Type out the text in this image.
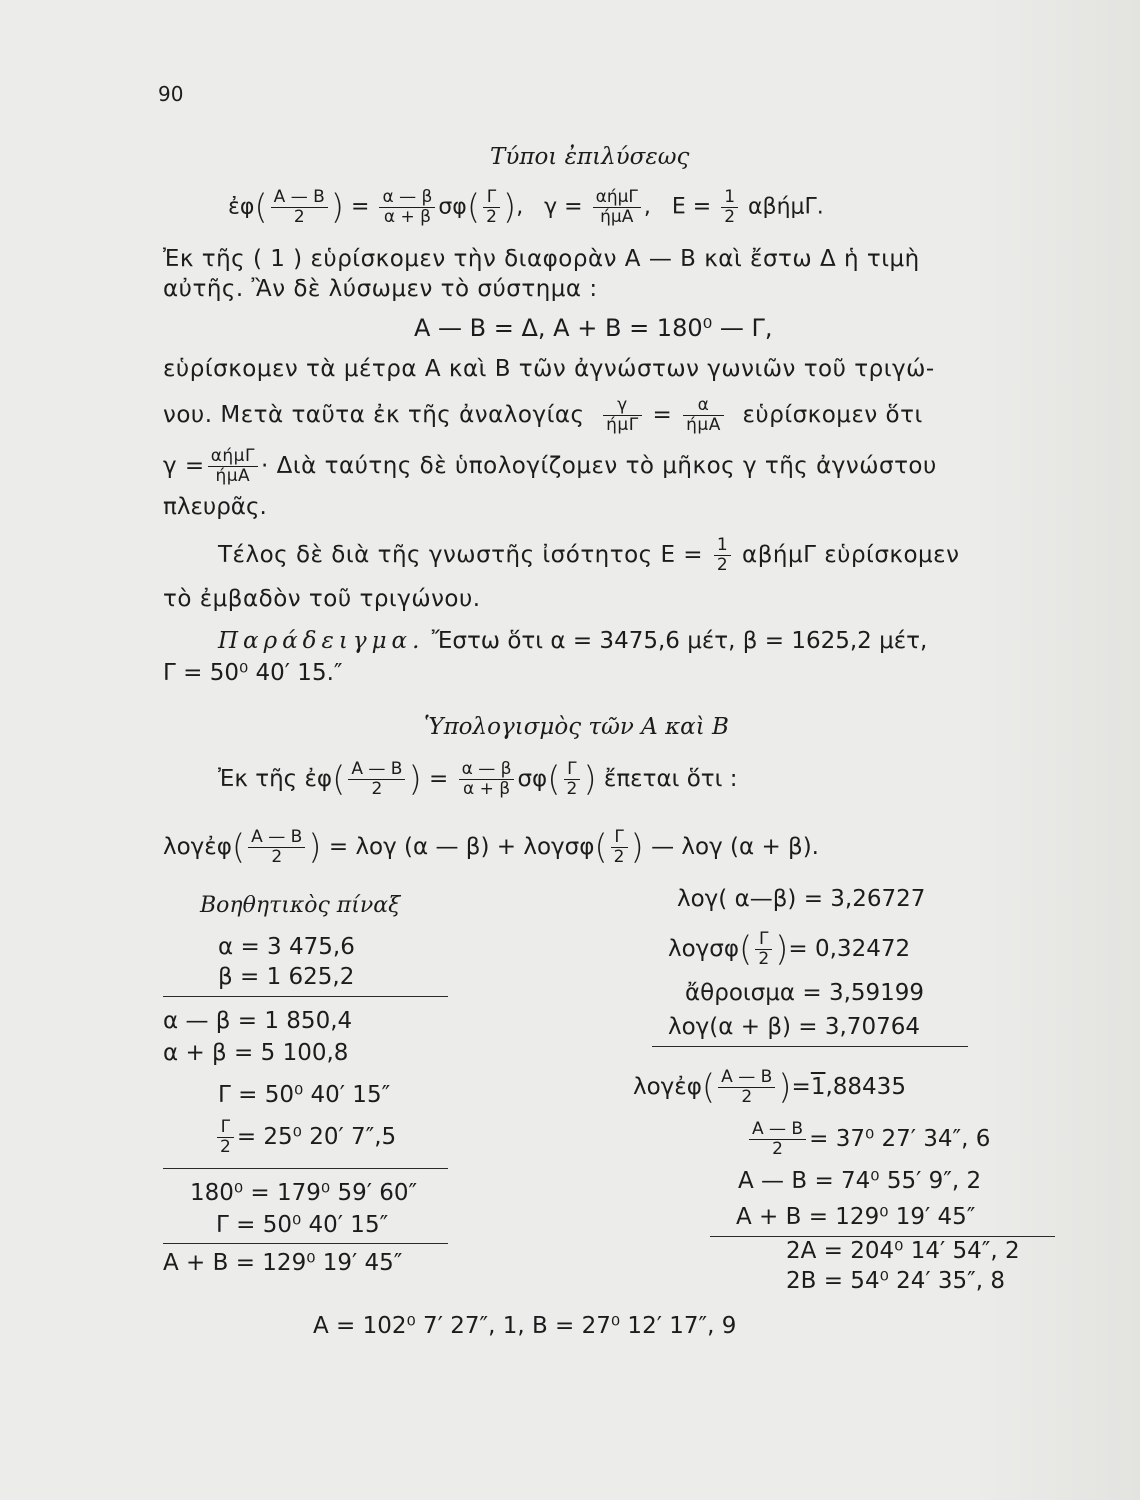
90
Τύποι ἐπιλύσεως
ἐφ( $\frac{A — B}{2}$ ) = $\frac{\alpha — \beta}{\alpha + \beta} \sigma\varphi( \frac{\Gamma}{2}$ ), $\gamma = \frac{\text{αήμΓ}}{\text{ήμΑ}}$ , $E = \frac{1}{2} \alpha\beta ή\mu\Gamma$.
Ἐκ τῆς ( 1 ) εὑρίσκομεν τὴν διαφορὰν Α — Β καὶ ἔστω Δ ἡ τιμὴ
αὐτῆς. Ἂν δὲ λύσωμεν τὸ σύστημα :
Α — Β = Δ, Α + Β = 180⁰ — Γ,
εὑρίσκομεν τὰ μέτρα Α καὶ Β τῶν ἀγνώστων γωνιῶν τοῦ τριγώ-
νου. Μετὰ ταῦτα ἐκ τῆς ἀναλογίας $\frac{\gamma}{\text{ήμΓ}} = \frac{\alpha}{\text{ήμΑ}}$ εὑρίσκομεν ὅτι
$\gamma = \frac{\text{αήμΓ}}{\text{ήμΑ}}$ · Διὰ ταύτης δὲ ὑπολογίζομεν τὸ μῆκος γ τῆς ἀγνώστου
πλευρᾶς.
Τέλος δὲ διὰ τῆς γνωστῆς ἰσότητος $E = \frac{1}{2}$ αβήμΓ εὑρίσκομεν
τὸ ἐμβαδὸν τοῦ τριγώνου.
Παράδειγμα. Ἔστω ὅτι α = 3475,6 μέτ, β = 1625,2 μέτ,
Γ = 50⁰ 40′ 15.″
Ὑπολογισμὸς τῶν Α καὶ Β
Ἐκ τῆς ἐφ( $\frac{A — B}{2}$ ) = $\frac{\alpha — \beta}{\alpha + \beta} \sigma\varphi( \frac{\Gamma}{2}$ ) ἔπεται ὅτι :
λογἐφ( $\frac{A — B}{2}$ ) = λογ (α — $\beta) + \lambda o\gamma\sigma\varphi( \frac{\Gamma}{2}$ ) — λογ (α + β).
Βοηθητικὸς πίναξ
α = 3 475,6
β = 1 625,2
α — β = 1 850,4
α + β = 5 100,8
Γ = 50⁰ 40′ 15″
$\frac{\Gamma}{2} = 25^0$ 20′ 7″,5
180⁰ = 179⁰ 59′ 60″
Γ = 50⁰ 40′ 15″
Α + Β = 129⁰ 19′ 45″
λογ( α—β) = 3,26727
$\lambda o\gamma\sigma\varphi( \frac{\Gamma}{2}$ )= 0,32472
ἄθροισμα = 3,59199
λογ(α + β) = 3,70764
λογἐφ( $\frac{A — B}{2} )=1,88435$
$\frac{A — B}{2} = 37^0$ 27′ 34″, 6
Α — Β = 74⁰ 55′ 9″, 2
Α + Β = 129⁰ 19′ 45″
2Α = 204⁰ 14′ 54″, 2
2Β = 54⁰ 24′ 35″, 8
Α = 102⁰ 7′ 27″, 1, Β = 27⁰ 12′ 17″, 9
